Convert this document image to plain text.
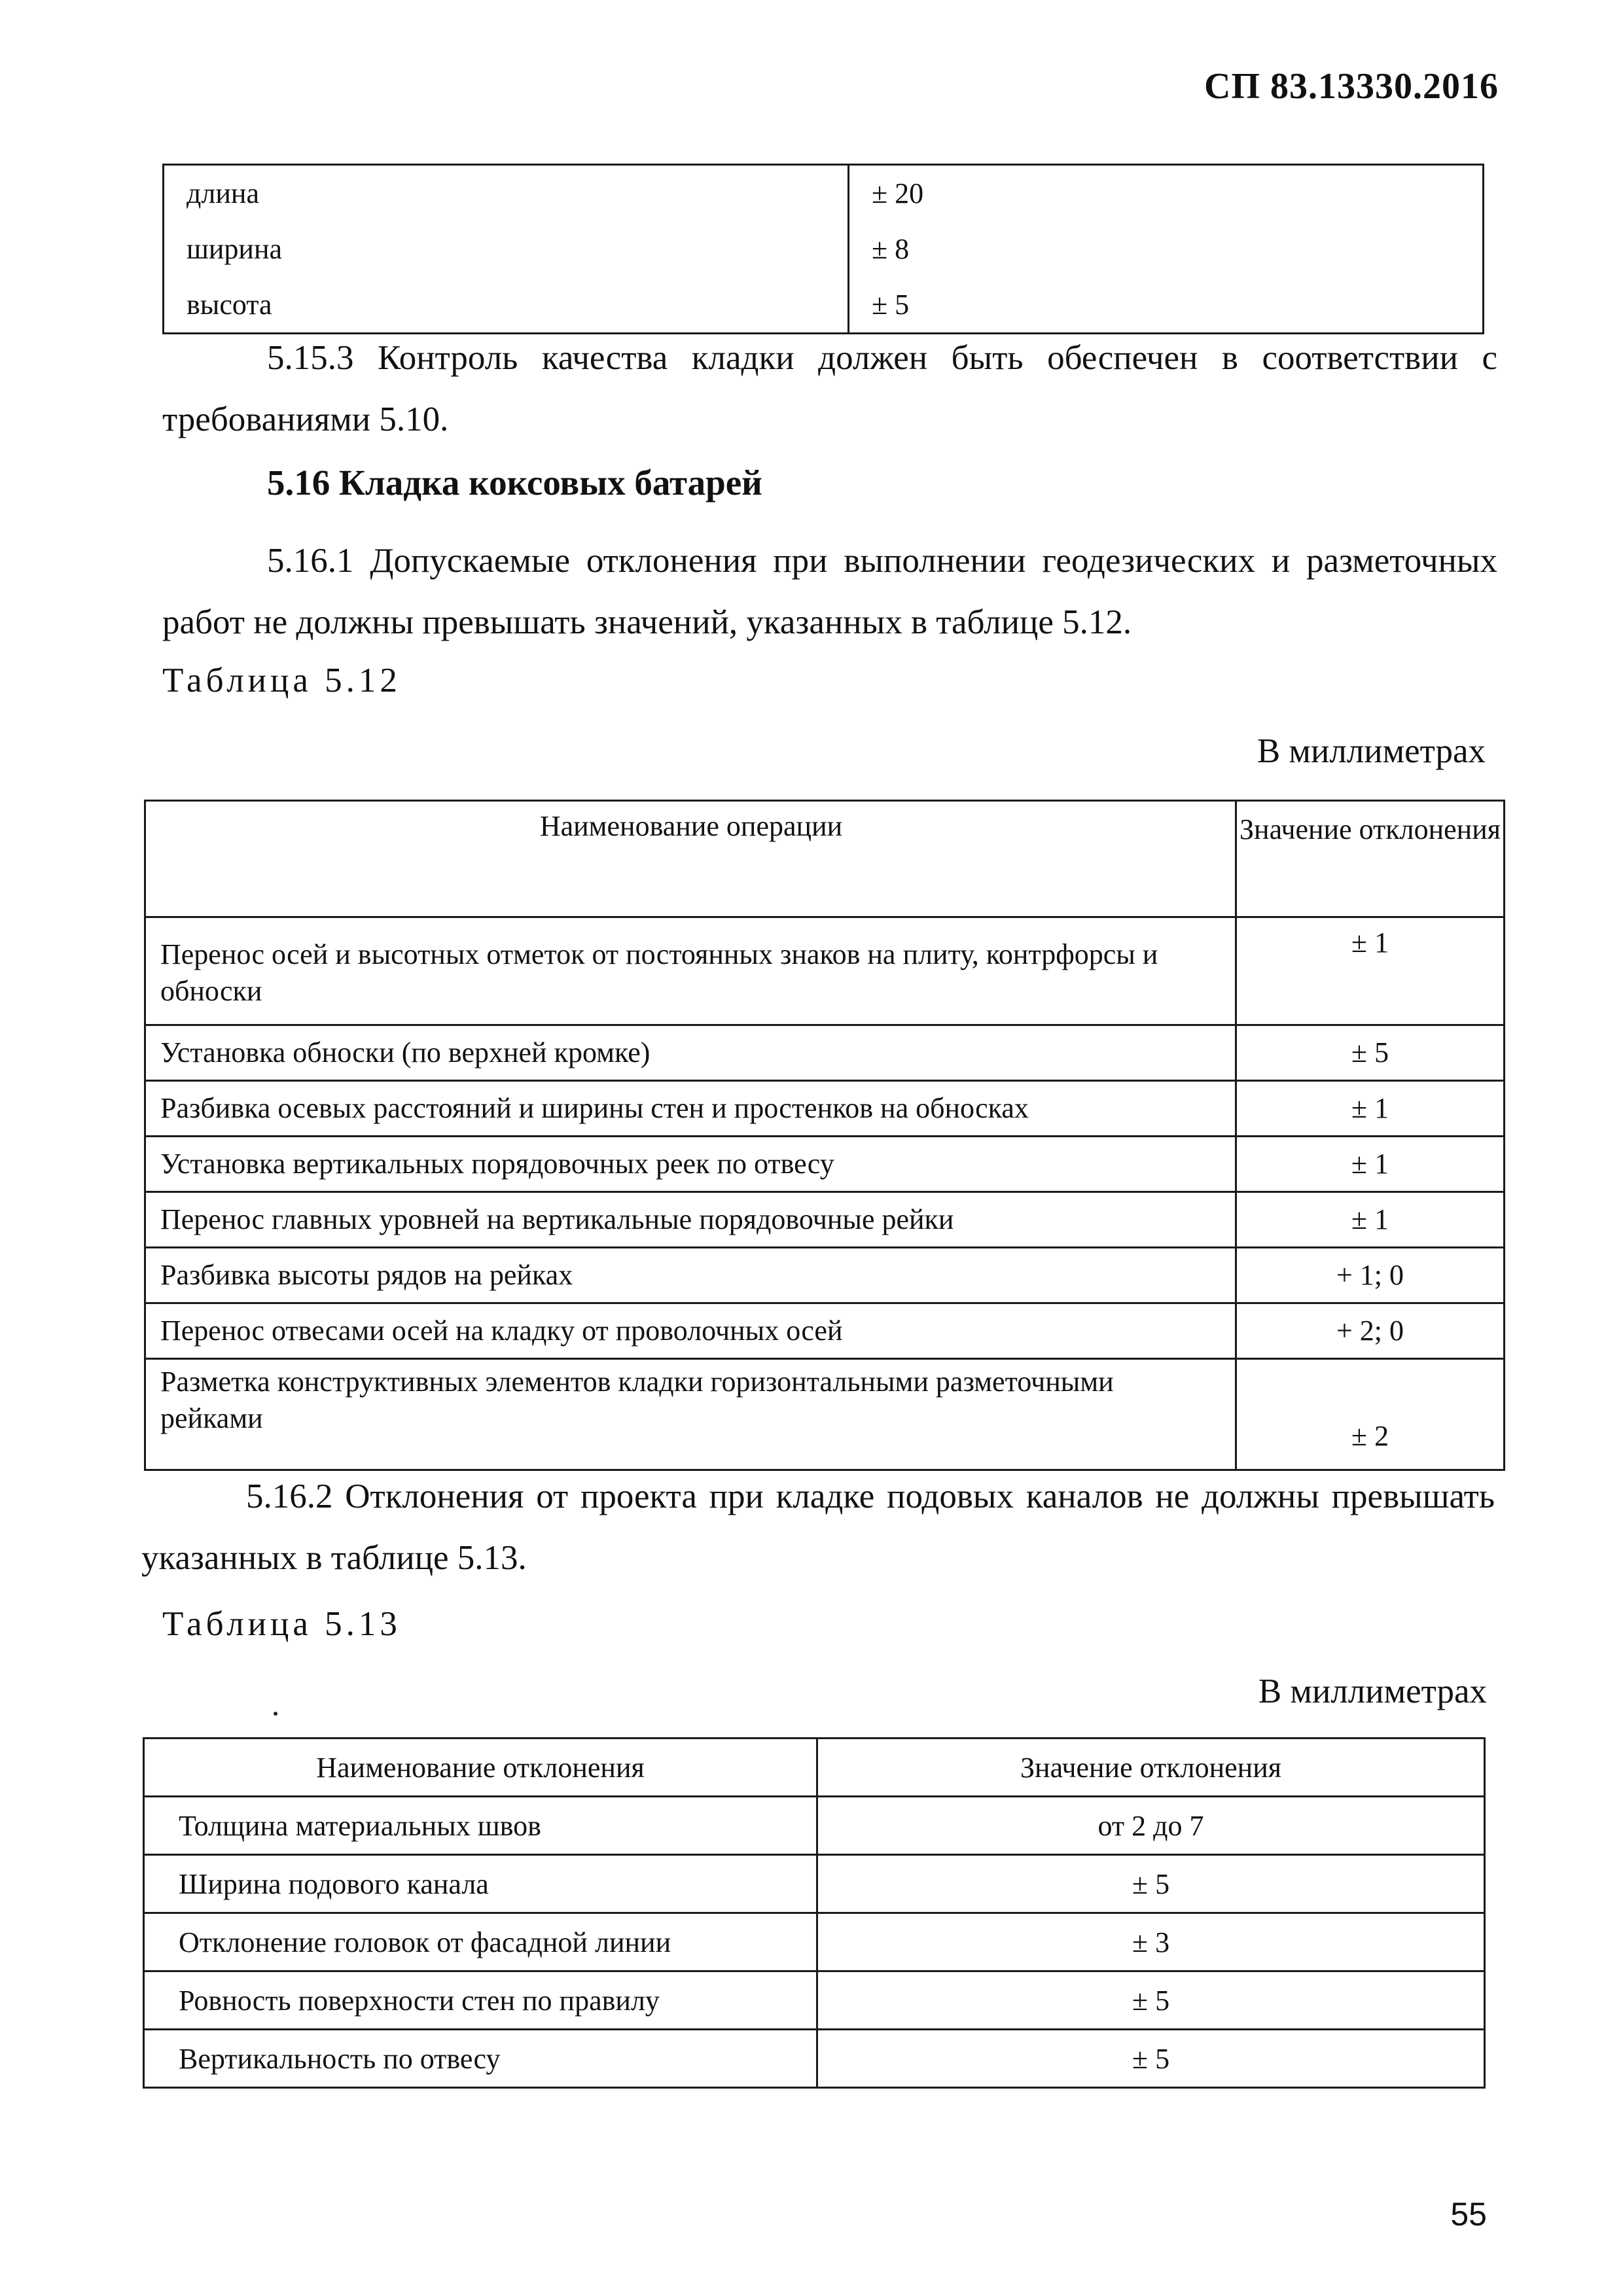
СП 83.13330.2016
длина	± 20
ширина	± 8
высота	± 5
5.15.3 Контроль качества кладки должен быть обеспечен в соответствии с требованиями 5.10.
5.16 Кладка коксовых батарей
5.16.1 Допускаемые отклонения при выполнении геодезических и разметочных работ не должны превышать значений, указанных в таблице 5.12.
Таблица 5.12
В миллиметрах
Наименование операции	Значение отклонения
Перенос осей и высотных отметок от постоянных знаков на плиту, контрфорсы и обноски	± 1
Установка обноски (по верхней кромке)	± 5
Разбивка осевых расстояний и ширины стен и простенков на обносках	± 1
Установка вертикальных порядовочных реек по отвесу	± 1
Перенос главных уровней на вертикальные порядовочные рейки	± 1
Разбивка высоты рядов на рейках	+ 1; 0
Перенос отвесами осей на кладку от проволочных осей	+ 2; 0
Разметка конструктивных элементов кладки горизонтальными разметочными рейками	± 2
5.16.2 Отклонения от проекта при кладке подовых каналов не должны превышать указанных в таблице 5.13.
Таблица 5.13
В миллиметрах
Наименование отклонения	Значение отклонения
Толщина материальных швов	от 2 до 7
Ширина подового канала	± 5
Отклонение головок от фасадной линии	± 3
Ровность поверхности стен по правилу	± 5
Вертикальность по отвесу	± 5
55
